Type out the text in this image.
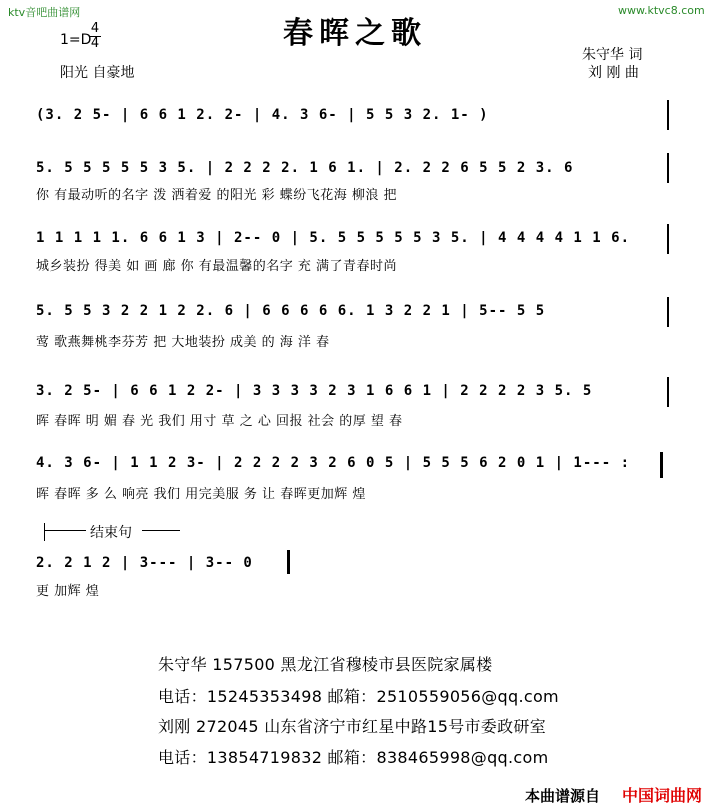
ktv音吧曲谱网	www.ktvc8.com
春晖之歌
1=D
4
4
阳光 自豪地
朱守华 词
刘 刚 曲
(3. 2 5- | 6 6 1 2. 2- | 4. 3 6- | 5 5 3 2. 1- )
5. 5 5 5 5 5 3 5. | 2 2 2 2. 1 6 1. | 2. 2 2 6 5 5 2 3. 6
你 有最动听的名字 泼 洒着爱 的阳光 彩 蝶纷飞花海 柳浪 把
1 1 1 1 1. 6 6 1 3 | 2-- 0 | 5. 5 5 5 5 5 3 5. | 4 4 4 4 1 1 6.
城乡装扮 得美 如 画 廊 你 有最温馨的名字 充 满了青春时尚
5. 5 5 3 2 2 1 2 2. 6 | 6 6 6 6 6. 1 3 2 2 1 | 5-- 5 5
莺 歌燕舞桃李芬芳 把 大地装扮 成美 的 海 洋 春
3. 2 5- | 6 6 1 2 2- | 3 3 3 3 2 3 1 6 6 1 | 2 2 2 2 3 5. 5
晖 春晖 明 媚 春 光 我们 用寸 草 之 心 回报 社会 的厚 望 春
4. 3 6- | 1 1 2 3- | 2 2 2 2 3 2 6 0 5 | 5 5 5 6 2 0 1 | 1--- :
晖 春晖 多 么 响亮 我们 用完美服 务 让 春晖更加辉 煌
结束句
2. 2 1 2 | 3--- | 3-- 0
更 加辉 煌
朱守华 157500 黑龙江省穆棱市县医院家属楼
电话：15245353498 邮箱：2510559056@qq.com
刘刚 272045 山东省济宁市红星中路15号市委政研室
电话：13854719832 邮箱：838465998@qq.com
本曲谱源自 中国词曲网
